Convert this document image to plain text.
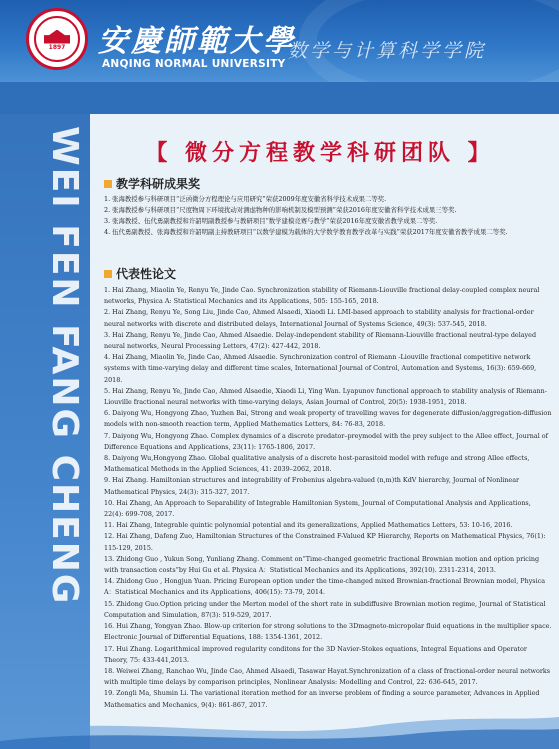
1897 安慶師範大學
ANQING NORMAL UNIVERSITY
数学与计算科学学院
WEI FEN FANG CHENG	【 微分方程教学科研团队 】
教学科研成果奖
1. 张海教授参与科研项目“泛函微分方程理论与应用研究”荣获2009年度安徽省科学技术成果二等奖.
2. 张海教授参与科研项目“尺度物周下环境扰动对测虑物种的影响机制及模型预测”荣获2016年度安徽省科学技术成果三等奖.
3. 张海教授、伍代勇副教授和许韶明副教授参与教研项目“数学建模竞赛与教学”荣获2016年度安徽省教学成果二等奖.
4. 伍代勇副教授、张海教授和许韶明副主持教研项目“以数学建模为载体的大学数学教育教学改革与实践”荣获2017年度安徽省教学成果二等奖.
代表性论文
1. Hai Zhang, Miaolin Ye, Renyu Ye, Jinde Cao. Synchronization stability of Riemann-Liouville fractional delay-coupled complex neural networks, Physica A: Statistical Mechanics and its Applications, 505: 155-165, 2018.
2. Hai Zhang, Renyu Ye, Song Liu, Jinde Cao, Ahmed Alsaedi, Xiaodi Li. LMI-based approach to stability analysis for fractional-order neural networks with discrete and distributed delays, International Journal of Systems Science, 49(3): 537-545, 2018.
3. Hai Zhang, Renyu Ye, Jinde Cao, Ahmed Alsaedie. Delay-independent stability of Riemann-Liouville fractional neutral-type delayed neural networks, Neural Processing Letters, 47(2): 427-442, 2018.
4. Hai Zhang, Miaolin Ye, Jinde Cao, Ahmed Alsaedie. Synchronization control of Riemann -Liouville fractional competitive network systems with time-varying delay and different time scales, International Journal of Control, Automation and Systems, 16(3): 659-669, 2018.
5. Hai Zhang, Renyu Ye, Jinde Cao, Ahmed Alsaedie, Xiaodi Li, Ying Wan. Lyapunov functional approach to stability analysis of Riemann-Liouville fractional neural networks with time-varying delays, Asian Journal of Control, 20(5): 1938-1951, 2018.
6. Daiyong Wu, Hongyong Zhao, Yuzhen Bai, Strong and weak property of travelling waves for degenerate diffusion/aggregation-diffusion models with non-smooth reaction term, Applied Mathematics Letters, 84: 76-83, 2018.
7. Daiyong Wu, Hongyong Zhao. Complex dynamics of a discrete predator–preymodel with the prey subject to the Allee effect, Journal of Difference Equations and Applications, 23(11): 1765-1806, 2017.
8. Daiyong Wu,Hongyong Zhao. Global qualitative analysis of a discrete host-parasitoid model with refuge and strong Allee effects, Mathematical Methods in the Applied Sciences, 41: 2039–2062, 2018.
9. Hai Zhang. Hamiltonian structures and integrability of Frobenius algebra-valued (n,m)th KdV hierarchy, Journal of Nonlinear Mathematical Physics, 24(3): 315-327, 2017.
10. Hai Zhang, An Approach to Separability of Integrable Hamiltonian System, Journal of Computational Analysis and Applications, 22(4): 699-708, 2017.
11. Hai Zhang, Integrable quintic polynomial potential and its generalizations, Applied Mathematics Letters, 53: 10-16, 2016.
12. Hai Zhang, Dafeng Zuo, Hamiltonian Structures of the Constrained F-Valued KP Hierarchy, Reports on Mathematical Physics, 76(1): 115-129, 2015.
13. Zhidong Guo , Yukun Song, Yunliang Zhang. Comment on“Time-changed geometric fractional Brownian motion and option pricing with transaction costs”by Hui Gu et al. Physica A：Statistical Mechanics and its Applications, 392(10). 2311-2314, 2013.
14. Zhidong Guo , Hongjun Yuan. Pricing European option under the time-changed mixed Brownian-fractional Brownian model, Physica A：Statistical Mechanics and its Applications, 406(15): 73-79, 2014.
15. Zhidong Guo.Option pricing under the Merton model of the short rate in subdiffusive Brownian motion regime, Journal of Statistical Computation and Simulation, 87(3): 519-529, 2017.
16. Hui Zhang, Yongyan Zhao. Blow-up criterion for strong solutions to the 3Dmagneto-micropolar fluid equations in the multiplier space. Electronic Journal of Differential Equations, 188: 1354-1361, 2012.
17. Hui Zhang. Logarithmical improved regularity conditons for the 3D Navier-Stokes equations, Integral Equations and Operator Theory, 75: 433-441,2013.
18. Weiwei Zhang, Ranchao Wu, Jinde Cao, Ahmed Alsaedi, Tasawar Hayat.Synchronization of a class of fractional-order neural networks with multiple time delays by comparison principles, Nonlinear Analysis: Modelling and Control, 22: 636-645, 2017.
19. Zongli Ma, Shumin Li. The variational iteration method for an inverse problem of finding a source parameter, Advances in Applied Mathematics and Mechanics, 9(4): 861-867, 2017.
